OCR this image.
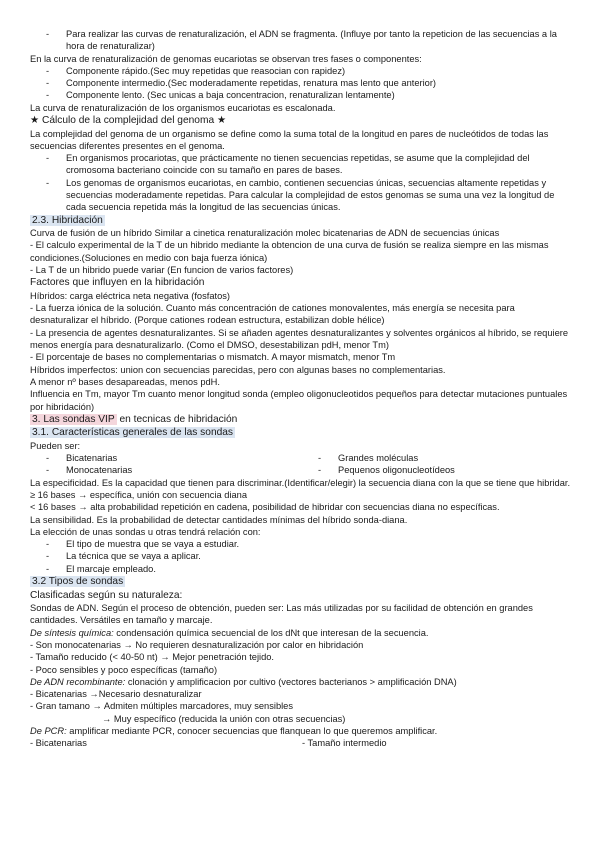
- Para realizar las curvas de renaturalización, el ADN se fragmenta. (Influye por tanto la repeticion de las secuencias a la hora de renaturalizar)

En la curva de renaturalización de genomas eucariotas se observan tres fases o componentes:

- Componente rápido.(Sec muy repetidas que reasocian con rapidez)

- Componente intermedio.(Sec moderadamente repetidas, renatura mas lento que anterior)

- Componente lento. (Sec unicas a baja concentracion, renaturalizan lentamente)

La curva de renaturalización de los organismos eucariotas es escalonada.

★ Cálculo de la complejidad del genoma ★

La complejidad del genoma de un organismo se define como la suma total de la longitud en pares de nucleótidos de todas las secuencias diferentes presentes en el genoma.

- En organismos procariotas, que prácticamente no tienen secuencias repetidas, se asume que la complejidad del cromosoma bacteriano coincide con su tamaño en pares de bases.

- Los genomas de organismos eucariotas, en cambio, contienen secuencias únicas, secuencias altamente repetidas y secuencias moderadamente repetidas. Para calcular la complejidad de estos genomas se suma una vez la longitud de cada secuencia repetida más la longitud de las secuencias únicas.

2.3. Hibridación

Curva de fusión de un híbrido Similar a cinetica renaturalización molec bicatenarias de ADN de secuencias únicas

- El calculo experimental de la T de un hibrido mediante la obtencion de una curva de fusión se realiza siempre en las mismas condiciones.(Soluciones en medio con baja fuerza iónica)

- La T de un hibrido puede variar (En funcion de varios factores)

Factores que influyen en la hibridación

Híbridos: carga eléctrica neta negativa (fosfatos)

- La fuerza iónica de la solución. Cuanto más concentración de cationes monovalentes, más energía se necesita para desnaturalizar el híbrido. (Porque cationes rodean estructura, estabilizan doble hélice)

- La presencia de agentes desnaturalizantes. Si se añaden agentes desnaturalizantes y solventes orgánicos al híbrido, se requiere menos energía para desnaturalizarlo. (Como el DMSO, desestabilizan pdH, menor Tm)

- El porcentaje de bases no complementarias o mismatch. A mayor mismatch, menor Tm

Híbridos imperfectos: union con secuencias parecidas, pero con algunas bases no complementarias.

A menor nº bases desapareadas, menos pdH.

Influencia en Tm, mayor Tm cuanto menor longitud sonda (empleo oligonucleotidos pequeños para detectar mutaciones puntuales por hibridación)

3. Las sondas VIP en tecnicas de hibridación

3.1. Características generales de las sondas

Pueden ser:

- Bicatenarias	- Grandes moléculas

- Monocatenarias	- Pequenos oligonucleotídeos

La especificidad. Es la capacidad que tienen para discriminar.(Identificar/elegir) la secuencia diana con la que se tiene que hibridar.

≥ 16 bases → específica, unión con secuencia diana

< 16 bases → alta probabilidad repetición en cadena, posibilidad de hibridar con secuencias diana no específicas.

La sensibilidad. Es la probabilidad de detectar cantidades mínimas del híbrido sonda-diana.

La elección de unas sondas u otras tendrá relación con:

- El tipo de muestra que se vaya a estudiar.

- La técnica que se vaya a aplicar.

- El marcaje empleado.

3.2 Tipos de sondas

Clasificadas según su naturaleza:

Sondas de ADN. Según el proceso de obtención, pueden ser: Las más utilizadas por su facilidad de obtención en grandes cantidades. Versátiles en tamaño y marcaje.

De síntesis química: condensación química secuencial de los dNt que interesan de la secuencia.

- Son monocatenarias → No requieren desnaturalización por calor en hibridación

- Tamaño reducido (< 40-50 nt) → Mejor penetración tejido.

- Poco sensibles y poco específicas (tamaño)

De ADN recombinante: clonación y amplificacion por cultivo (vectores bacterianos > amplificación DNA)

- Bicatenarias →Necesario desnaturalizar

- Gran tamano → Admiten múltiples marcadores, muy sensibles

→ Muy específico (reducida la unión con otras secuencias)

De PCR: amplificar mediante PCR, conocer secuencias que flanquean lo que queremos amplificar.

- Bicatenarias	- Tamaño intermedio
